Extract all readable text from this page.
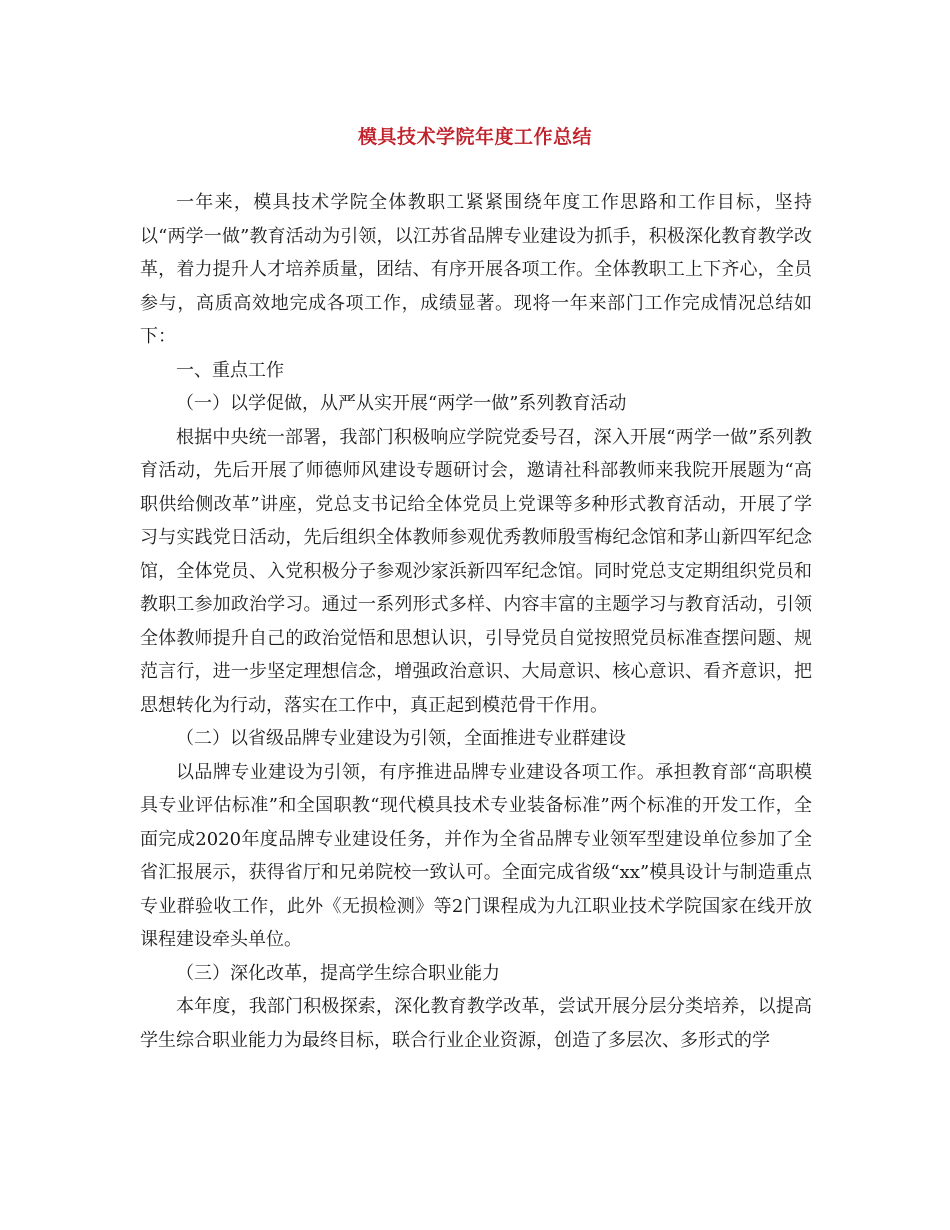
模具技术学院年度工作总结

一年来，模具技术学院全体教职工紧紧围绕年度工作思路和工作目标，坚持以“两学一做”教育活动为引领，以江苏省品牌专业建设为抓手，积极深化教育教学改革，着力提升人才培养质量，团结、有序开展各项工作。全体教职工上下齐心，全员参与，高质高效地完成各项工作，成绩显著。现将一年来部门工作完成情况总结如下：

一、重点工作

（一）以学促做，从严从实开展“两学一做”系列教育活动

根据中央统一部署，我部门积极响应学院党委号召，深入开展“两学一做”系列教育活动，先后开展了师德师风建设专题研讨会，邀请社科部教师来我院开展题为“高职供给侧改革”讲座，党总支书记给全体党员上党课等多种形式教育活动，开展了学习与实践党日活动，先后组织全体教师参观优秀教师殷雪梅纪念馆和茅山新四军纪念馆，全体党员、入党积极分子参观沙家浜新四军纪念馆。同时党总支定期组织党员和教职工参加政治学习。通过一系列形式多样、内容丰富的主题学习与教育活动，引领全体教师提升自己的政治觉悟和思想认识，引导党员自觉按照党员标准查摆问题、规范言行，进一步坚定理想信念，增强政治意识、大局意识、核心意识、看齐意识，把思想转化为行动，落实在工作中，真正起到模范骨干作用。

（二）以省级品牌专业建设为引领，全面推进专业群建设

以品牌专业建设为引领，有序推进品牌专业建设各项工作。承担教育部“高职模具专业评估标准”和全国职教“现代模具技术专业装备标准”两个标准的开发工作，全面完成2020年度品牌专业建设任务，并作为全省品牌专业领军型建设单位参加了全省汇报展示，获得省厅和兄弟院校一致认可。全面完成省级“xx”模具设计与制造重点专业群验收工作，此外《无损检测》等2门课程成为九江职业技术学院国家在线开放课程建设牵头单位。

（三）深化改革，提高学生综合职业能力

本年度，我部门积极探索，深化教育教学改革，尝试开展分层分类培养，以提高学生综合职业能力为最终目标，联合行业企业资源，创造了多层次、多形式的学
